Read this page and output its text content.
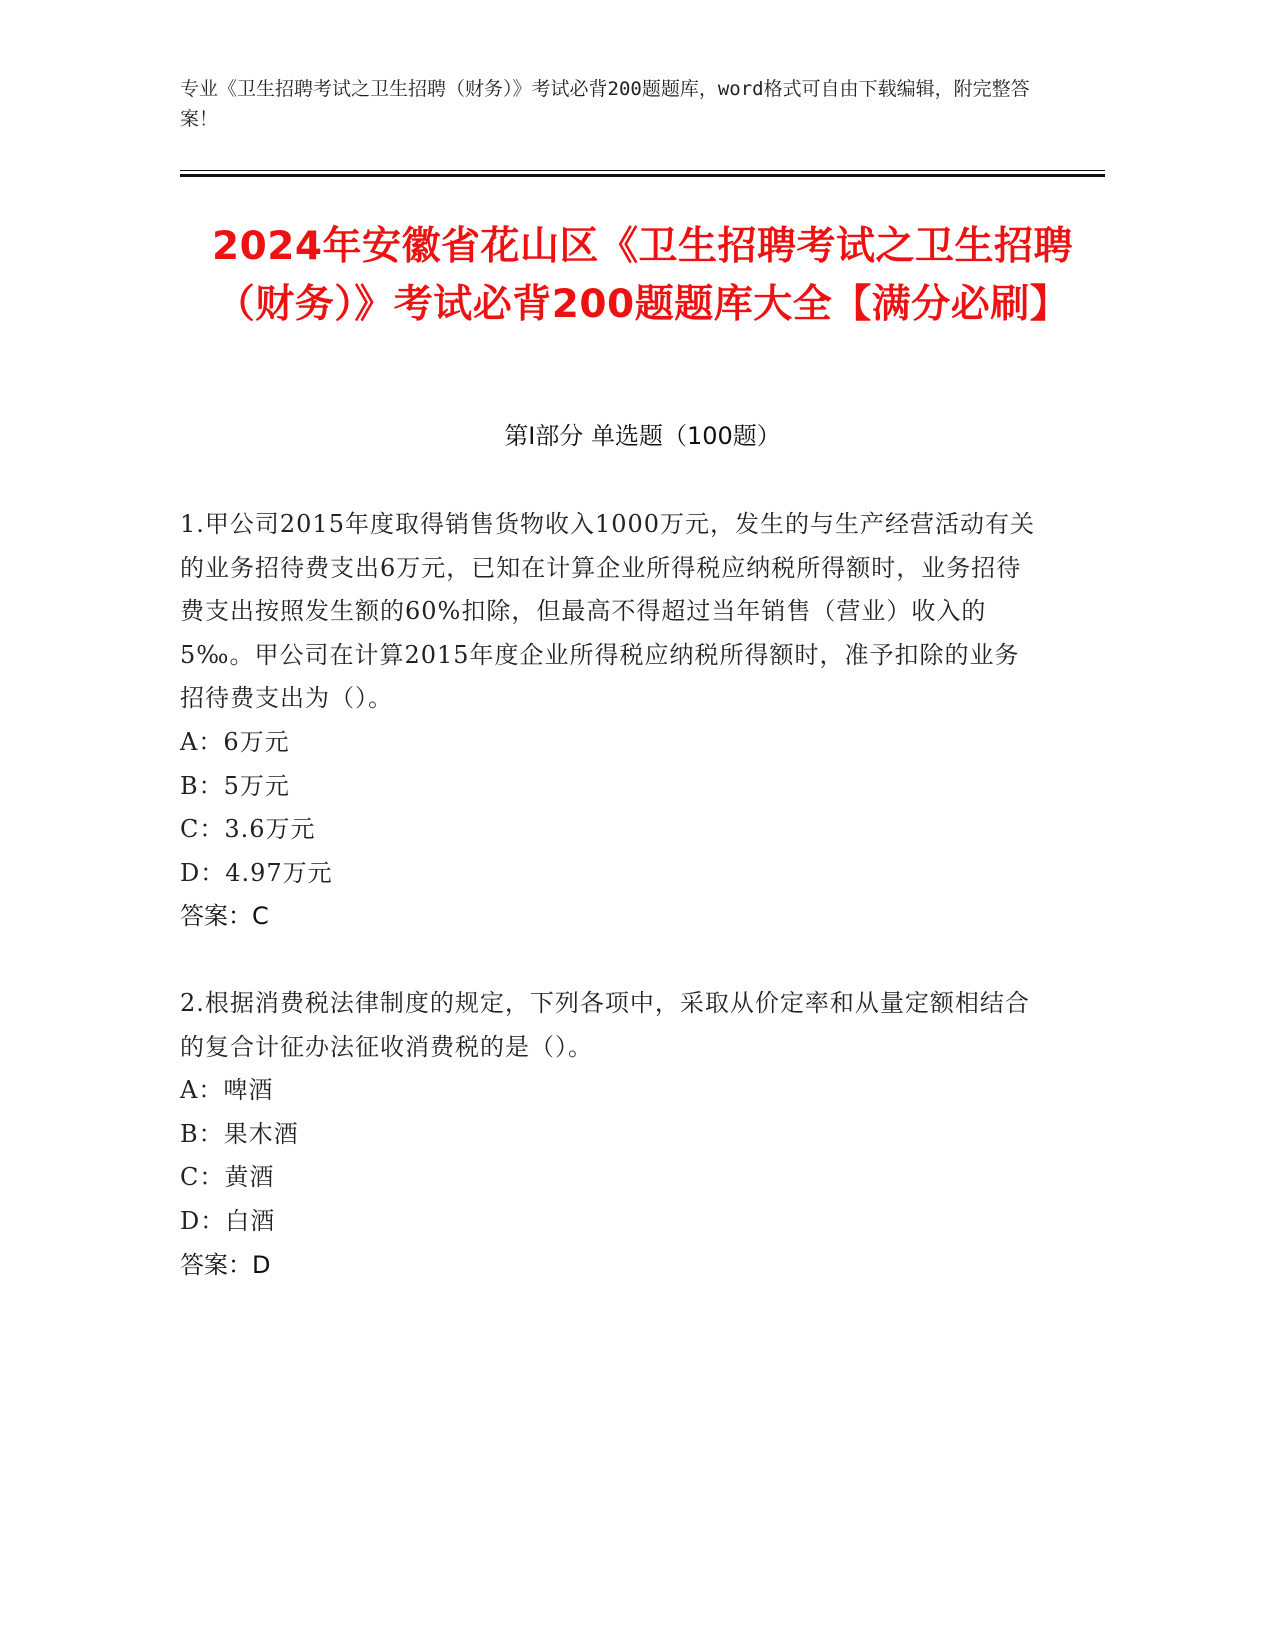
专业《卫生招聘考试之卫生招聘（财务）》考试必背200题题库，word格式可自由下载编辑，附完整答案！
2024年安徽省花山区《卫生招聘考试之卫生招聘（财务）》考试必背200题题库大全【满分必刷】
第Ⅰ部分 单选题（100题）
1.甲公司2015年度取得销售货物收入1000万元，发生的与生产经营活动有关的业务招待费支出6万元，已知在计算企业所得税应纳税所得额时，业务招待费支出按照发生额的60%扣除，但最高不得超过当年销售（营业）收入的5‰。甲公司在计算2015年度企业所得税应纳税所得额时，准予扣除的业务招待费支出为（）。
A：6万元
B：5万元
C：3.6万元
D：4.97万元
答案：C
2.根据消费税法律制度的规定，下列各项中，采取从价定率和从量定额相结合的复合计征办法征收消费税的是（）。
A：啤酒
B：果木酒
C：黄酒
D：白酒
答案：D
